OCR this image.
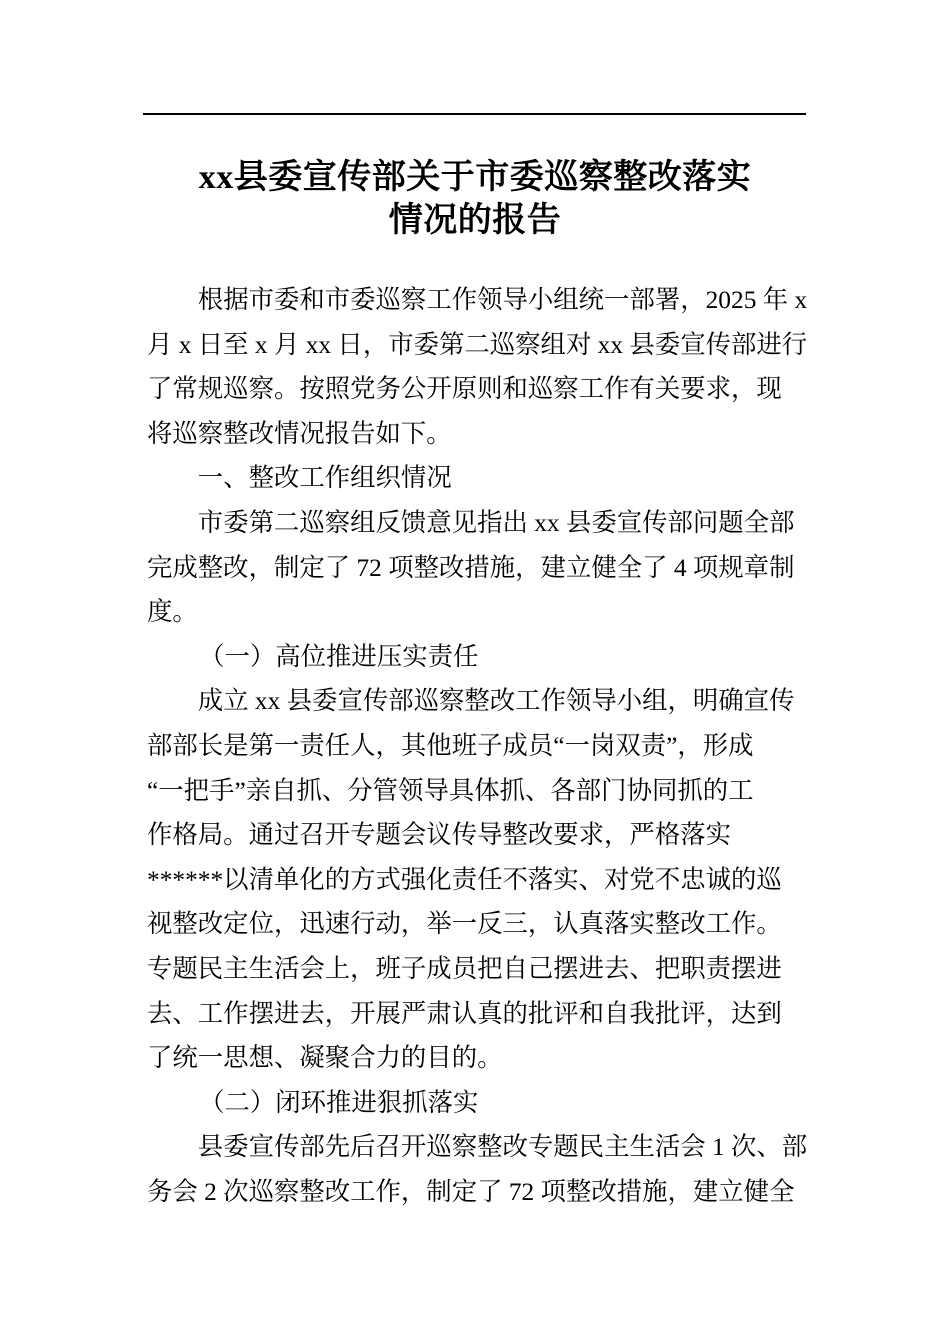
xx县委宣传部关于市委巡察整改落实
情况的报告
根据市委和市委巡察工作领导小组统一部署，2025 年 x
月 x 日至 x 月 xx 日，市委第二巡察组对 xx 县委宣传部进行
了常规巡察。按照党务公开原则和巡察工作有关要求，现
将巡察整改情况报告如下。
一、整改工作组织情况
市委第二巡察组反馈意见指出 xx 县委宣传部问题全部
完成整改，制定了 72 项整改措施，建立健全了 4 项规章制
度。
（一）高位推进压实责任
成立 xx 县委宣传部巡察整改工作领导小组，明确宣传
部部长是第一责任人，其他班子成员“一岗双责”，形成
“一把手”亲自抓、分管领导具体抓、各部门协同抓的工
作格局。通过召开专题会议传导整改要求，严格落实
******以清单化的方式强化责任不落实、对党不忠诚的巡
视整改定位，迅速行动，举一反三，认真落实整改工作。
专题民主生活会上，班子成员把自己摆进去、把职责摆进
去、工作摆进去，开展严肃认真的批评和自我批评，达到
了统一思想、凝聚合力的目的。
（二）闭环推进狠抓落实
县委宣传部先后召开巡察整改专题民主生活会 1 次、部
务会 2 次巡察整改工作，制定了 72 项整改措施，建立健全
